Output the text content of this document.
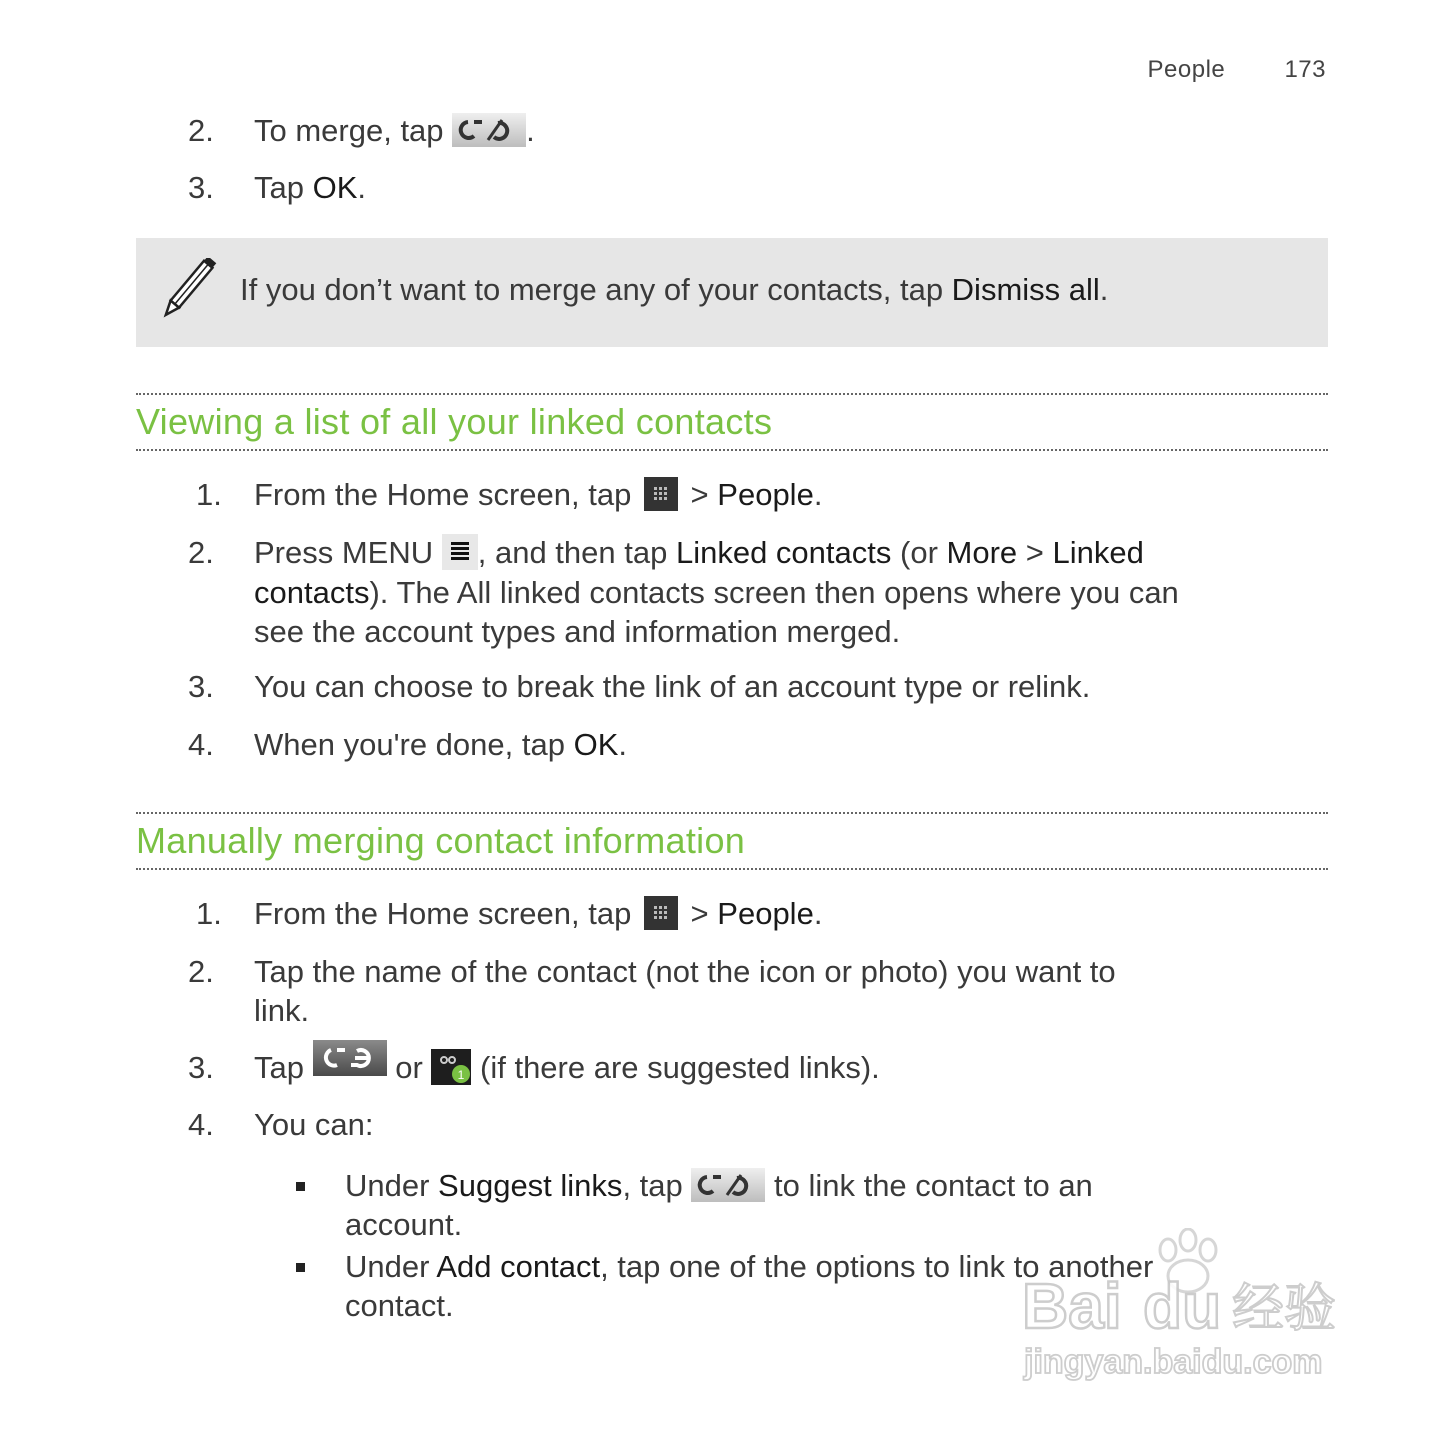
People 173
2.	To merge, tap .
3.	Tap OK.
If you don’t want to merge any of your contacts, tap Dismiss all.
Viewing a list of all your linked contacts
1.	From the Home screen, tap  > People.
2.	Press MENU , and then tap Linked contacts (or More > Linked
contacts). The All linked contacts screen then opens where you can
see the account types and information merged.
3.	You can choose to break the link of an account type or relink.
4.	When you're done, tap OK.
Manually merging contact information
1.	From the Home screen, tap  > People.
2.	Tap the name of the contact (not the icon or photo) you want to
link.
3.	Tap  or 1 (if there are suggested links).
4.	You can:
Under Suggest links, tap  to link the contact to an
account.
Under Add contact, tap one of the options to link to another
contact.	Bai du 经验
jingyan.baidu.com
